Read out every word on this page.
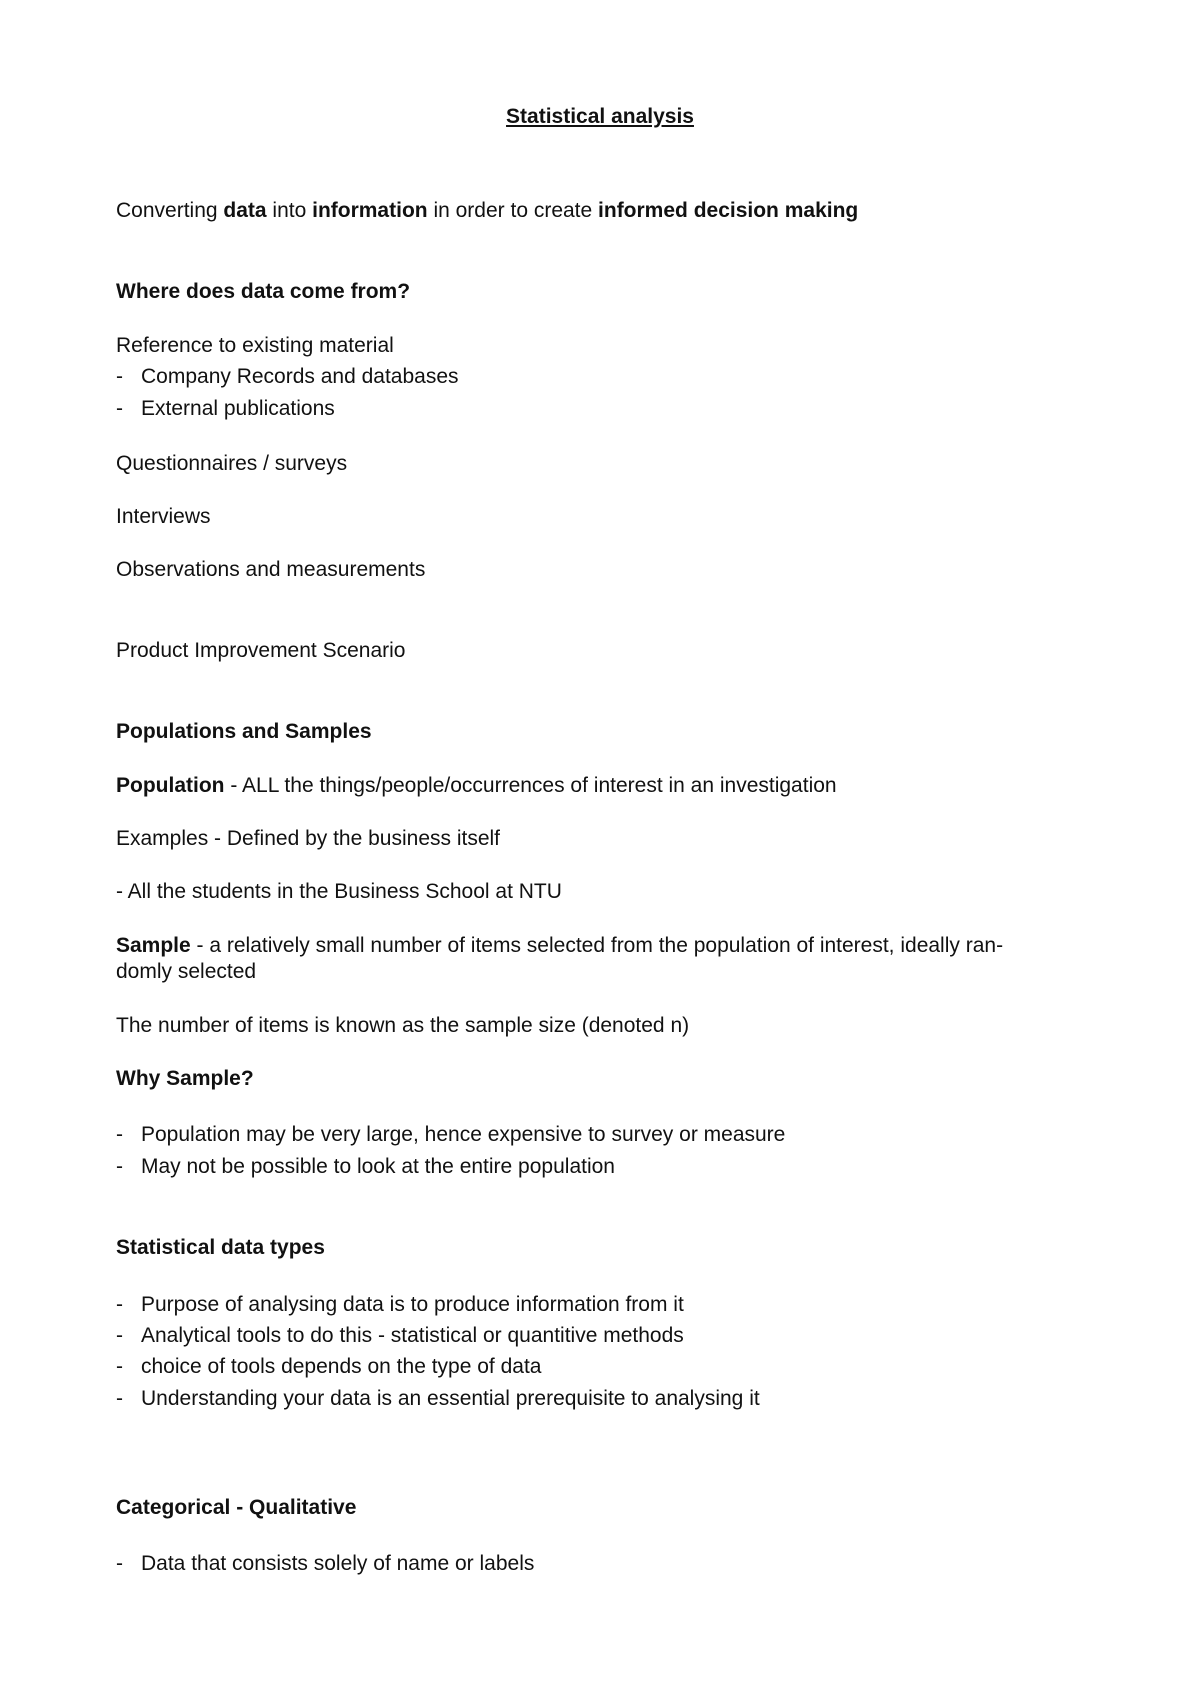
Statistical analysis
Converting data into information in order to create informed decision making
Where does data come from?
Reference to existing material
- Company Records and databases
- External publications
Questionnaires / surveys
Interviews
Observations and measurements
Product Improvement Scenario
Populations and Samples
Population - ALL the things/people/occurrences of interest in an investigation
Examples - Defined by the business itself
- All the students in the Business School at NTU
Sample - a relatively small number of items selected from the population of interest, ideally ran-
domly selected
The number of items is known as the sample size (denoted n)
Why Sample?
- Population may be very large, hence expensive to survey or measure
- May not be possible to look at the entire population
Statistical data types
- Purpose of analysing data is to produce information from it
- Analytical tools to do this - statistical or quantitive methods
- choice of tools depends on the type of data
- Understanding your data is an essential prerequisite to analysing it
Categorical - Qualitative
- Data that consists solely of name or labels
